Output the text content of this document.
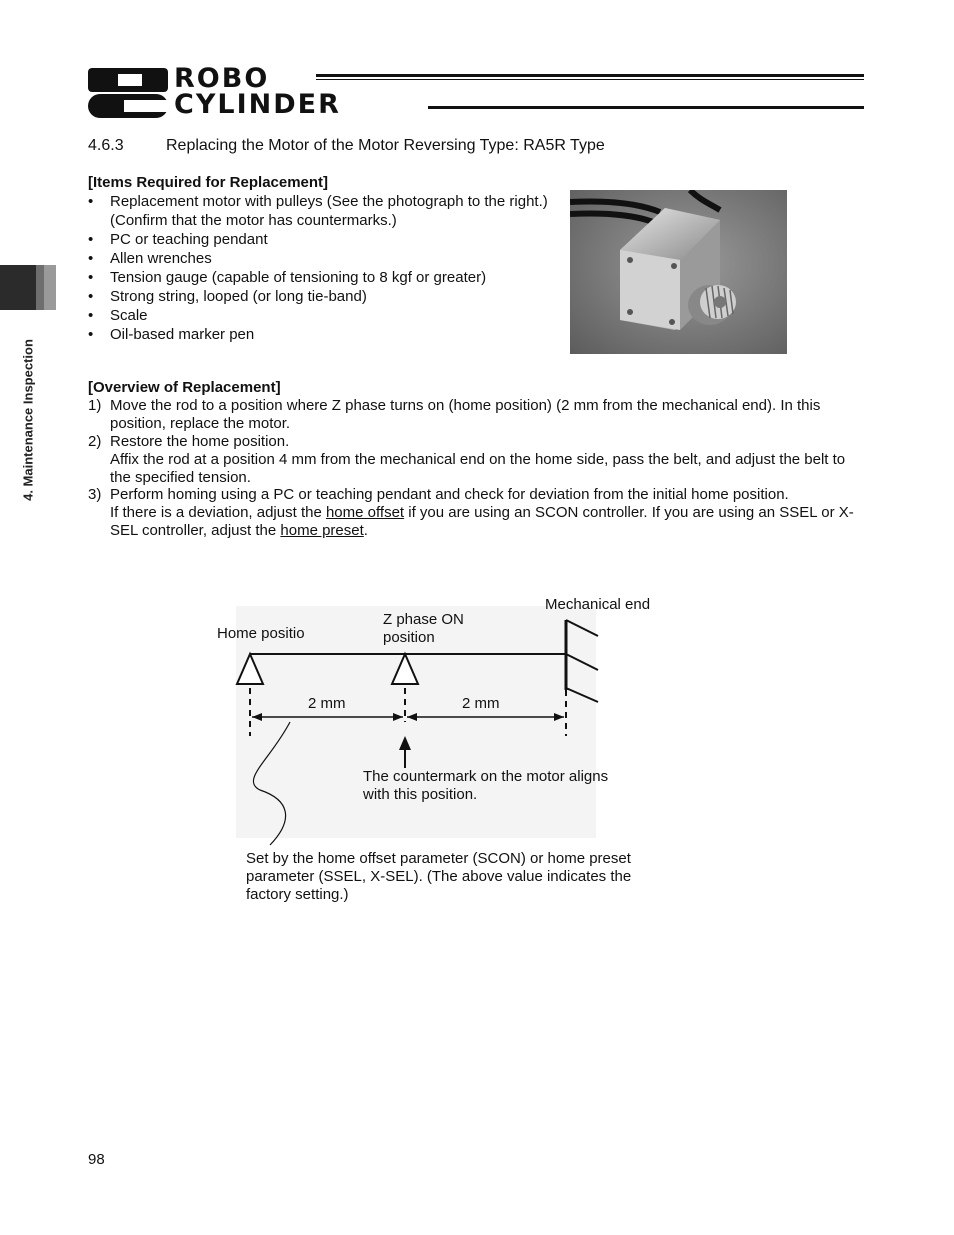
ROBO
CYLINDER
4. Maintenance Inspection
4.6.3	Replacing the Motor of the Motor Reversing Type: RA5R Type
[Items Required for Replacement]
• Replacement motor with pulleys (See the photograph to the right.)
(Confirm that the motor has countermarks.)
• PC or teaching pendant
• Allen wrenches
• Tension gauge (capable of tensioning to 8 kgf or greater)
• Strong string, looped (or long tie-band)
• Scale
• Oil-based marker pen
[Overview of Replacement]
1) Move the rod to a position where Z phase turns on (home position) (2 mm from the mechanical end). In this position, replace the motor.
2) Restore the home position.
Affix the rod at a position 4 mm from the mechanical end on the home side, pass the belt, and adjust the belt to the specified tension.
3) Perform homing using a PC or teaching pendant and check for deviation from the initial home position.
If there is a deviation, adjust the home offset if you are using an SCON controller. If you are using an SSEL or X-SEL controller, adjust the home preset.
Home positio
Z phase ON
position
Mechanical end
2 mm	2 mm
The countermark on the motor aligns
with this position.
Set by the home offset parameter (SCON) or home preset
parameter (SSEL, X-SEL). (The above value indicates the
factory setting.)
98
